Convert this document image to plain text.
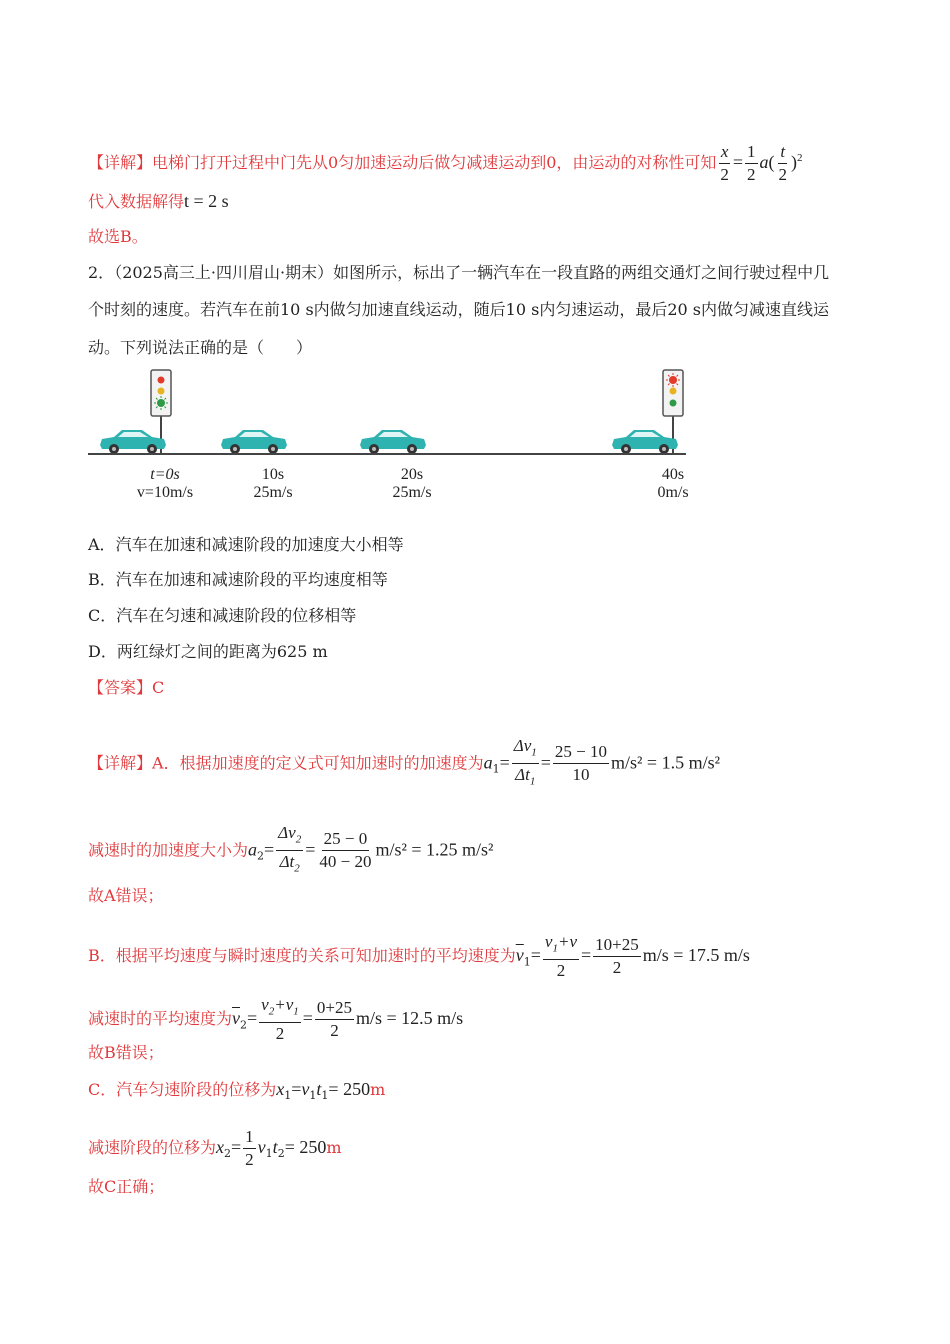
【详解】电梯门打开过程中门先从0匀加速运动后做匀减速运动到0，由运动的对称性可知 $\frac{x}{2} = \frac{1}{2} a( \frac{t}{2} )^2$
代入数据解得t = 2 s
故选B。
2．（2025高三上·四川眉山·期末）如图所示，标出了一辆汽车在一段直路的两组交通灯之间行驶过程中几
个时刻的速度。若汽车在前10 s内做匀加速直线运动，随后10 s内匀速运动，最后20 s内做匀减速直线运
动。下列说法正确的是（　　）
t=0s
v=10m/s
10s
25m/s
20s
25m/s
40s
0m/s
A．汽车在加速和减速阶段的加速度大小相等
B．汽车在加速和减速阶段的平均速度相等
C．汽车在匀速和减速阶段的位移相等
D．两红绿灯之间的距离为625 m
【答案】C
【详解】A．根据加速度的定义式可知加速时的加速度为$a_1= \frac{\Delta v_1}{\Delta t_1} = \frac{25 - 10}{10} m/s^2 = 1.5$ m/s²
减速时的加速度大小为$a_2= \frac{\Delta v_2}{\Delta t_2} = \frac{25 - 0}{40 - 20} m/s^2 = 1.25$ m/s²
故A错误；
B．根据平均速度与瞬时速度的关系可知加速时的平均速度为$\overline{v}_1= \frac{v_1+v}{2} = \frac{10+25}{2} m/s = 17.5$ m/s
减速时的平均速度为$\overline{v}_2= \frac{v_2+v_1}{2} = \frac{0+25}{2} m/s = 12.5$ m/s
故B错误；
C．汽车匀速阶段的位移为$x_1=v_1t_1= 250m$
减速阶段的位移为$x_2= \frac{1}{2} v_1t_2= 250m$
故C正确；
